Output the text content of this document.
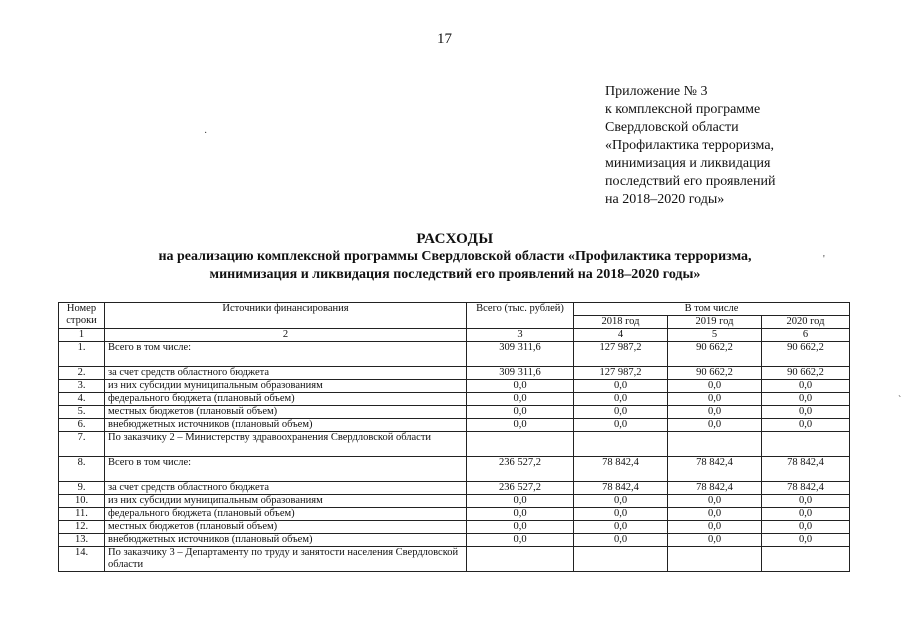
17
Приложение № 3
к комплексной программе
Свердловской области
«Профилактика терроризма,
минимизация и ликвидация
последствий его проявлений
на 2018–2020 годы»
РАСХОДЫ
на реализацию комплексной программы Свердловской области «Профилактика терроризма,
минимизация и ликвидация последствий его проявлений на 2018–2020 годы»
Номер строки	Источники финансирования	Всего (тыс. рублей)	В том числе		
			2018 год	2019 год	2020 год
1	2	3	4	5	6
1.	Всего в том числе:	309 311,6	127 987,2	90 662,2	90 662,2
2.	за счет средств областного бюджета	309 311,6	127 987,2	90 662,2	90 662,2
3.	из них субсидии муниципальным образованиям	0,0	0,0	0,0	0,0
4.	федерального бюджета (плановый объем)	0,0	0,0	0,0	0,0
5.	местных бюджетов (плановый объем)	0,0	0,0	0,0	0,0
6.	внебюджетных источников (плановый объем)	0,0	0,0	0,0	0,0
7.	По заказчику 2 – Министерству здравоохранения Свердловской области				
8.	Всего в том числе:	236 527,2	78 842,4	78 842,4	78 842,4
9.	за счет средств областного бюджета	236 527,2	78 842,4	78 842,4	78 842,4
10.	из них субсидии муниципальным образованиям	0,0	0,0	0,0	0,0
11.	федерального бюджета (плановый объем)	0,0	0,0	0,0	0,0
12.	местных бюджетов (плановый объем)	0,0	0,0	0,0	0,0
13.	внебюджетных источников (плановый объем)	0,0	0,0	0,0	0,0
14.	По заказчику 3 – Департаменту по труду и занятости населения Свердловской области				
·
'
`
